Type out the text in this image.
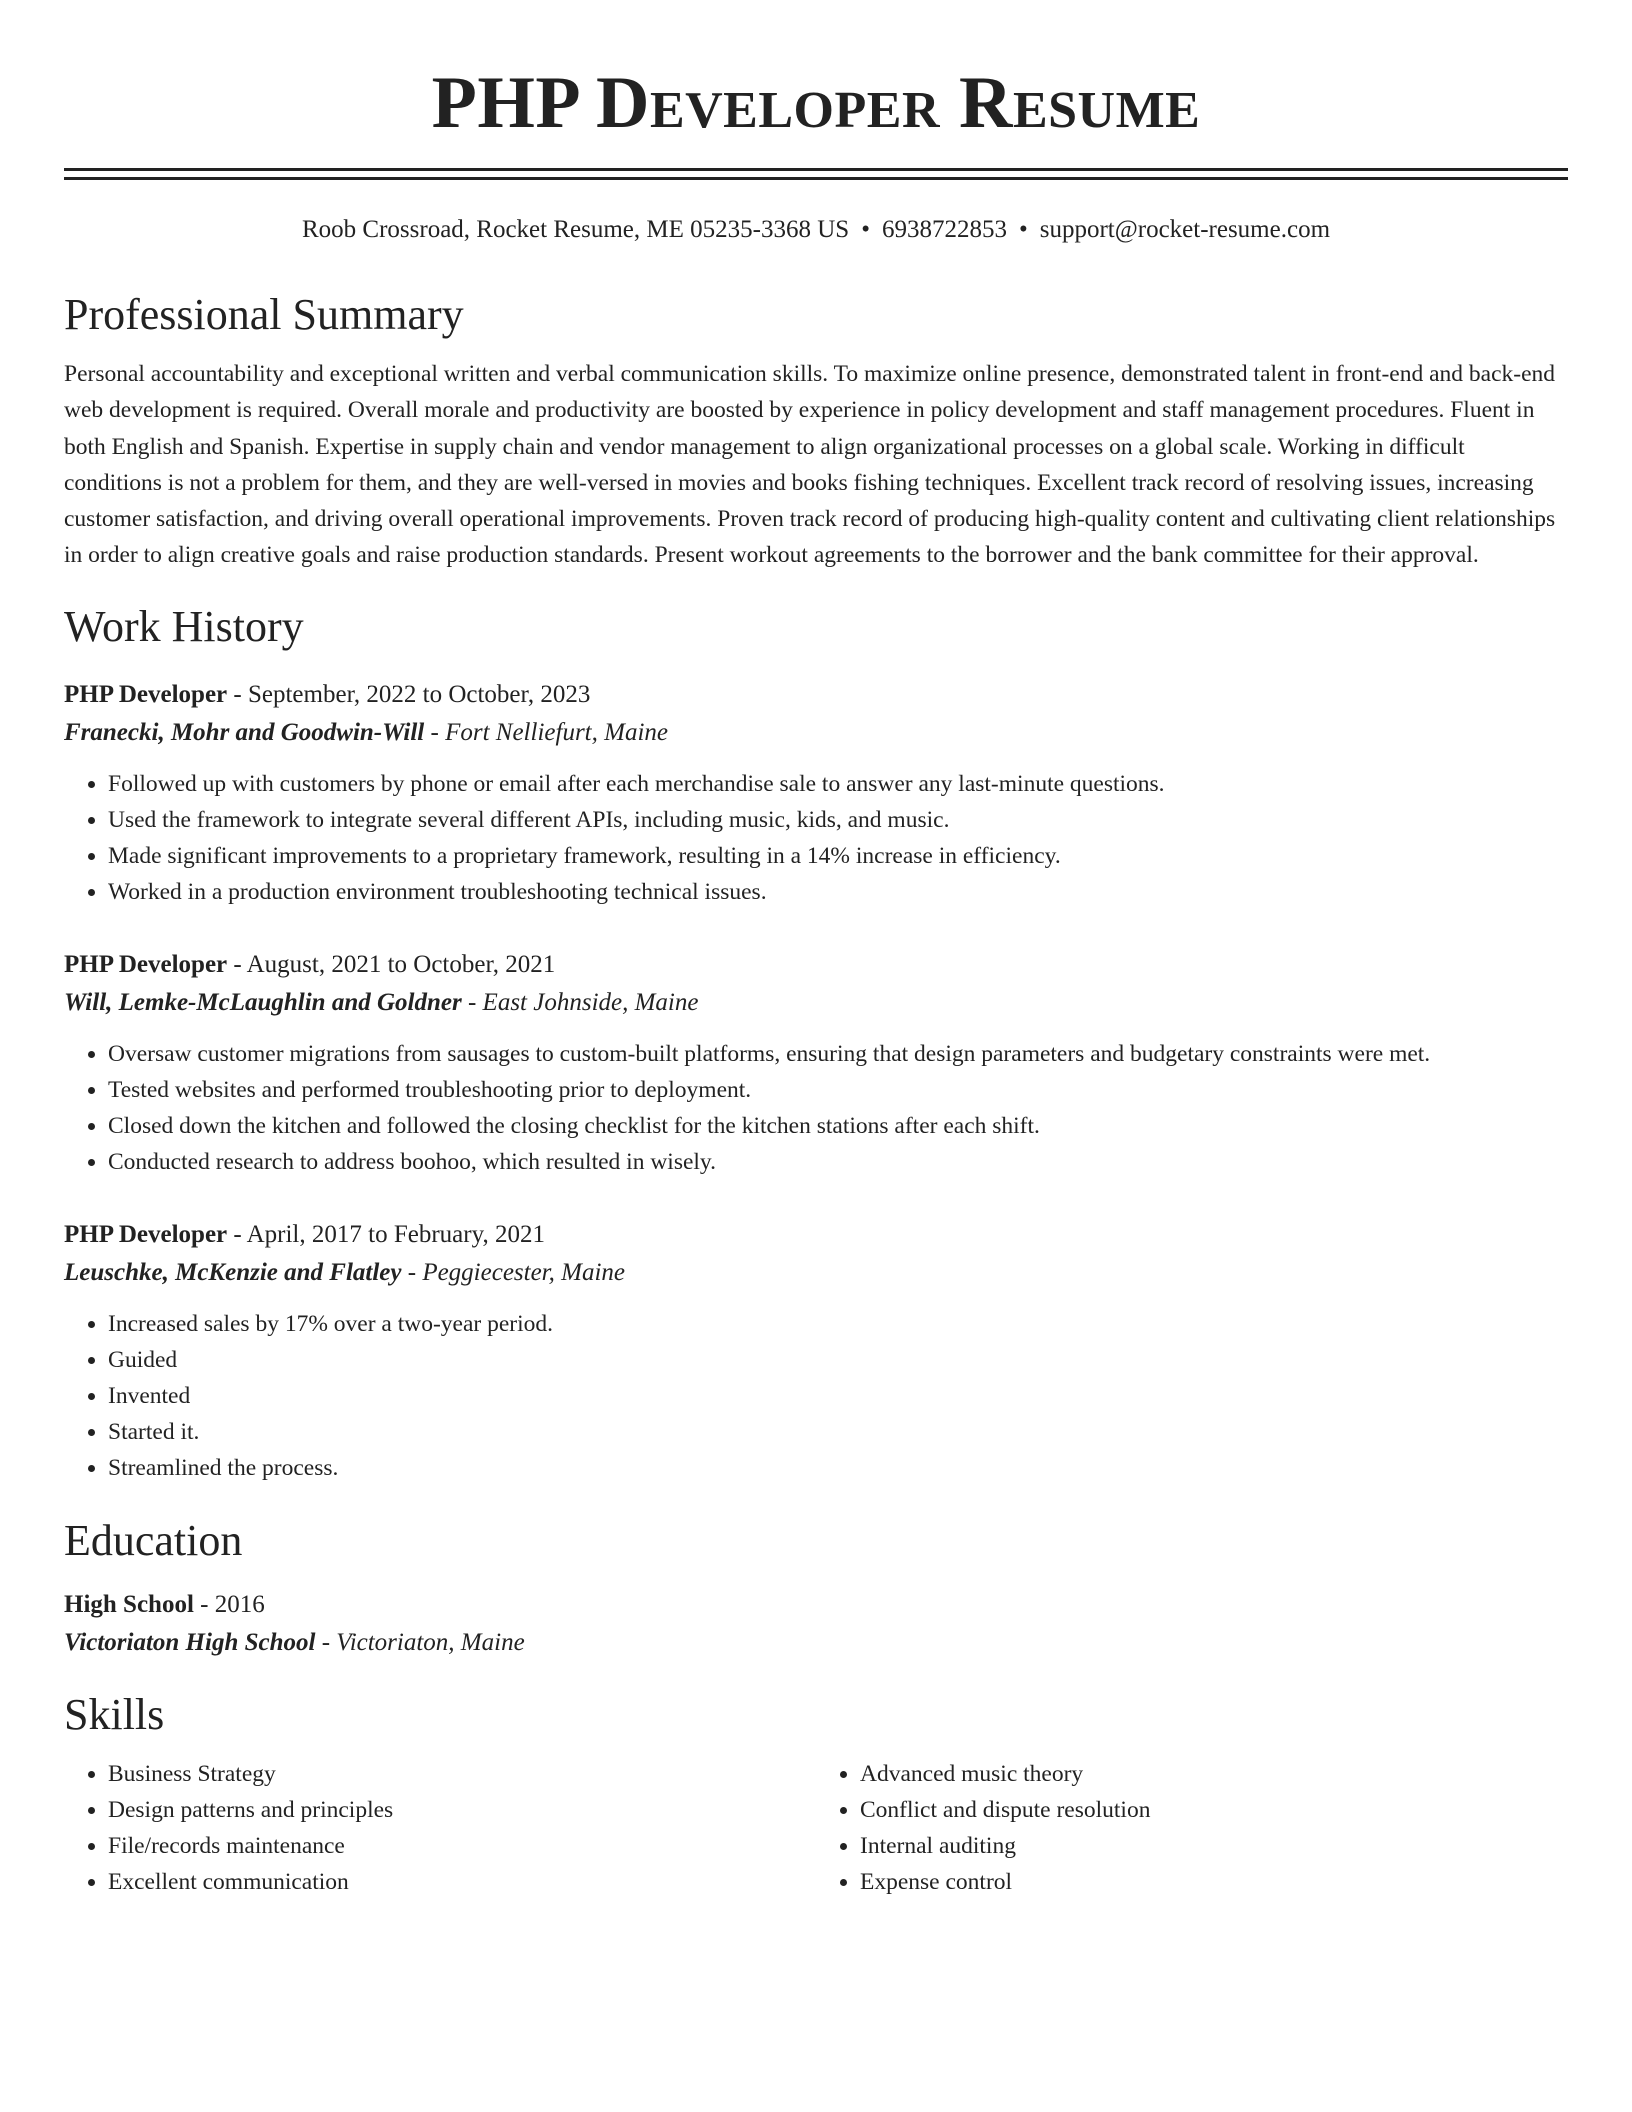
PHP Developer Resume
Roob Crossroad, Rocket Resume, ME 05235-3368 US • 6938722853 • support@rocket-resume.com
Professional Summary

Personal accountability and exceptional written and verbal communication skills. To maximize online presence, demonstrated talent in front-end and back-end web development is required. Overall morale and productivity are boosted by experience in policy development and staff management procedures. Fluent in both English and Spanish. Expertise in supply chain and vendor management to align organizational processes on a global scale. Working in difficult conditions is not a problem for them, and they are well-versed in movies and books fishing techniques. Excellent track record of resolving issues, increasing customer satisfaction, and driving overall operational improvements. Proven track record of producing high-quality content and cultivating client relationships in order to align creative goals and raise production standards. Present workout agreements to the borrower and the bank committee for their approval.

Work History
PHP Developer - September, 2022 to October, 2023
Franecki, Mohr and Goodwin-Will - Fort Nelliefurt, Maine
• Followed up with customers by phone or email after each merchandise sale to answer any last-minute questions.
• Used the framework to integrate several different APIs, including music, kids, and music.
• Made significant improvements to a proprietary framework, resulting in a 14% increase in efficiency.
• Worked in a production environment troubleshooting technical issues.
PHP Developer - August, 2021 to October, 2021
Will, Lemke-McLaughlin and Goldner - East Johnside, Maine
• Oversaw customer migrations from sausages to custom-built platforms, ensuring that design parameters and budgetary constraints were met.
• Tested websites and performed troubleshooting prior to deployment.
• Closed down the kitchen and followed the closing checklist for the kitchen stations after each shift.
• Conducted research to address boohoo, which resulted in wisely.
PHP Developer - April, 2017 to February, 2021
Leuschke, McKenzie and Flatley - Peggiecester, Maine
• Increased sales by 17% over a two-year period.
• Guided
• Invented
• Started it.
• Streamlined the process.
Education
High School - 2016
Victoriaton High School - Victoriaton, Maine
Skills
• Business Strategy
• Design patterns and principles
• File/records maintenance
• Excellent communication
• Advanced music theory
• Conflict and dispute resolution
• Internal auditing
• Expense control
